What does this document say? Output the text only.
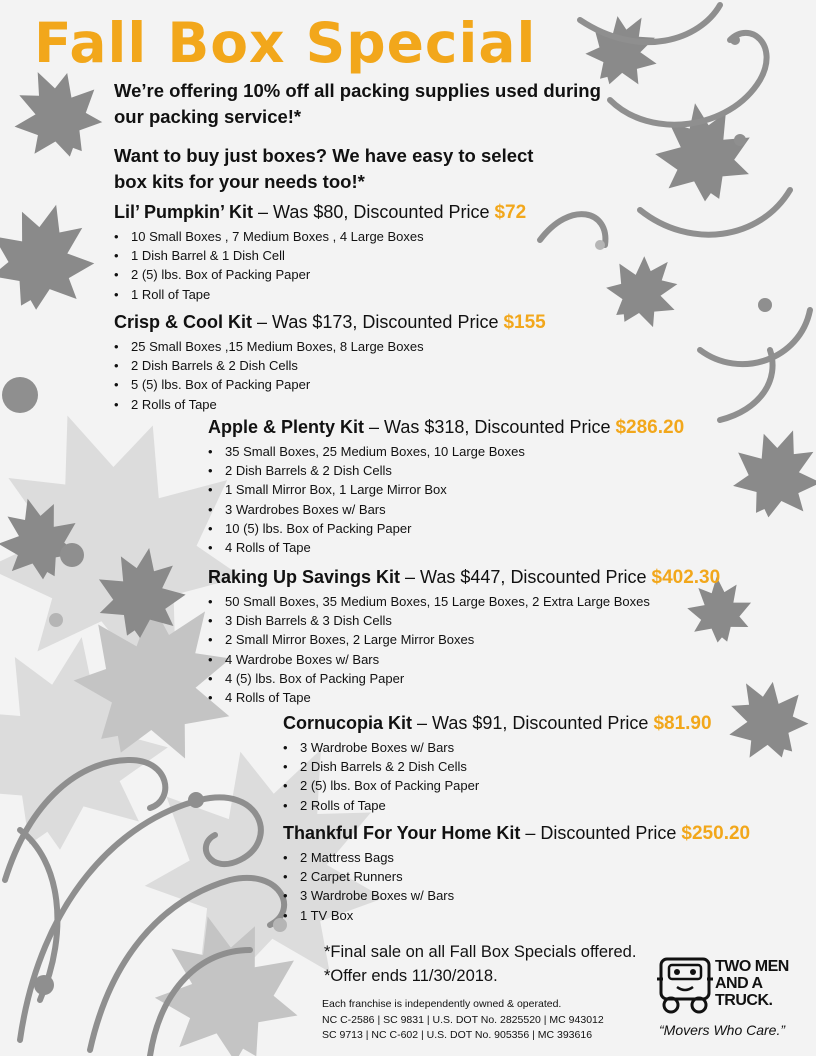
Fall Box Special
We’re offering 10% off all packing supplies used during our packing service!*
Want to buy just boxes? We have easy to select box kits for your needs too!*

Lil’ Pumpkin’ Kit – Was $80, Discounted Price $72

• 10 Small Boxes , 7 Medium Boxes , 4 Large Boxes
• 1 Dish Barrel & 1 Dish Cell
• 2 (5) lbs. Box of Packing Paper
• 1 Roll of Tape

Crisp & Cool Kit – Was $173, Discounted Price $155

• 25 Small Boxes ,15 Medium Boxes, 8 Large Boxes
• 2 Dish Barrels & 2 Dish Cells
• 5 (5) lbs. Box of Packing Paper
• 2 Rolls of Tape

Apple & Plenty Kit – Was $318, Discounted Price $286.20

• 35 Small Boxes, 25 Medium Boxes, 10 Large Boxes
• 2 Dish Barrels & 2 Dish Cells
• 1 Small Mirror Box, 1 Large Mirror Box
• 3 Wardrobes Boxes w/ Bars
• 10 (5) lbs. Box of Packing Paper
• 4 Rolls of Tape

Raking Up Savings Kit – Was $447, Discounted Price $402.30

• 50 Small Boxes, 35 Medium Boxes, 15 Large Boxes, 2 Extra Large Boxes
• 3 Dish Barrels & 3 Dish Cells
• 2 Small Mirror Boxes, 2 Large Mirror Boxes
• 4 Wardrobe Boxes w/ Bars
• 4 (5) lbs. Box of Packing Paper
• 4 Rolls of Tape

Cornucopia Kit – Was $91, Discounted Price $81.90

• 3 Wardrobe Boxes w/ Bars
• 2 Dish Barrels & 2 Dish Cells
• 2 (5) lbs. Box of Packing Paper
• 2 Rolls of Tape

Thankful For Your Home Kit – Discounted Price $250.20

• 2 Mattress Bags
• 2 Carpet Runners
• 3 Wardrobe Boxes w/ Bars
• 1 TV Box
*Final sale on all Fall Box Specials offered.
*Offer ends 11/30/2018.
Each franchise is independently owned & operated.
NC C-2586 | SC 9831 | U.S. DOT No. 2825520 | MC 943012
SC 9713 | NC C-602 | U.S. DOT No. 905356 | MC 393616
TWO MEN
AND A
TRUCK.
“Movers Who Care.”
